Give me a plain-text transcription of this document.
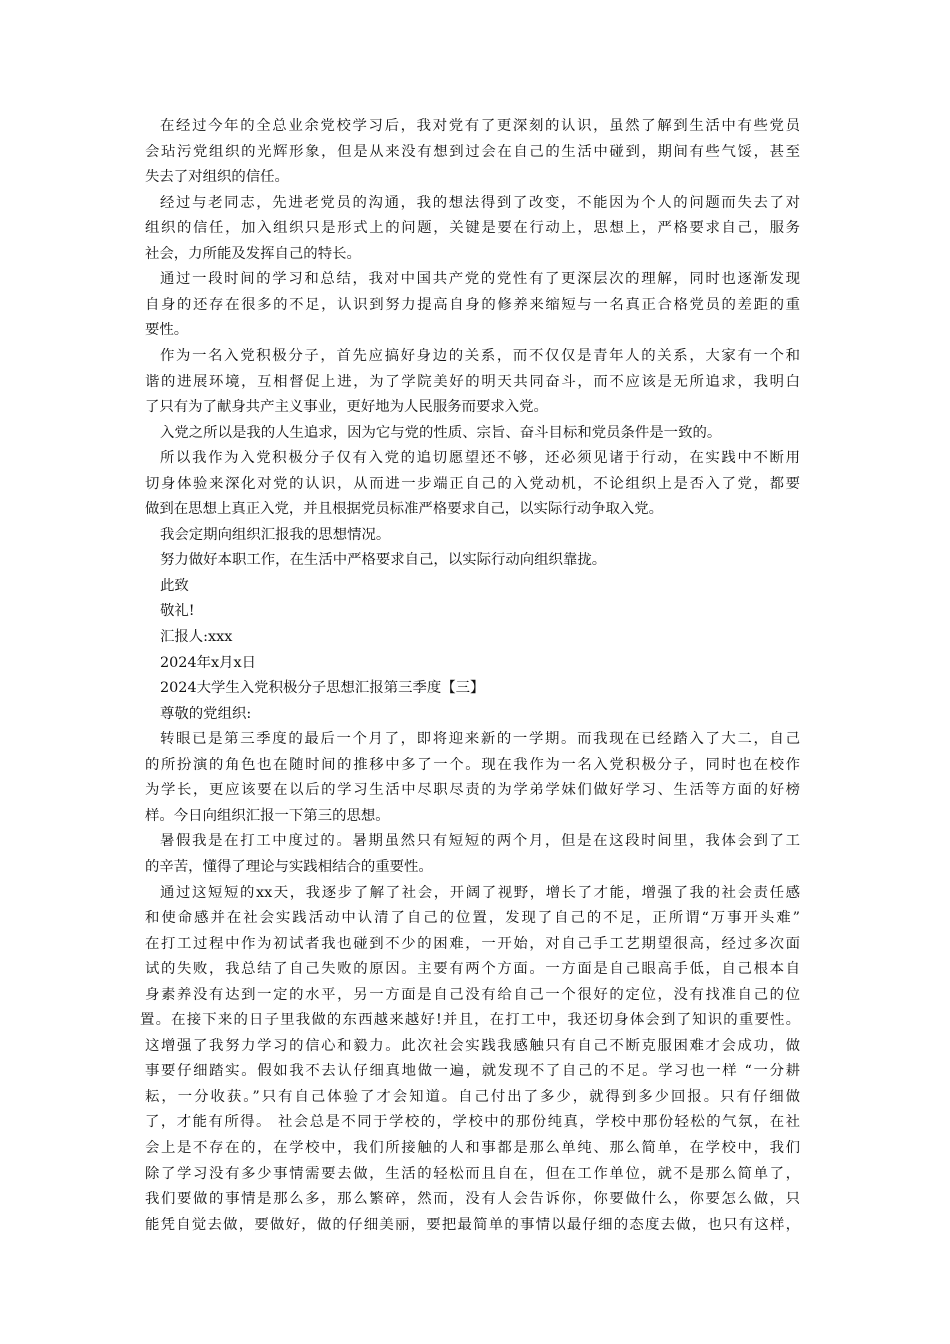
在经过今年的全总业余党校学习后，我对党有了更深刻的认识，虽然了解到生活中有些党员
会玷污党组织的光辉形象，但是从来没有想到过会在自己的生活中碰到，期间有些气馁，甚至
失去了对组织的信任。
经过与老同志，先进老党员的沟通，我的想法得到了改变，不能因为个人的问题而失去了对
组织的信任，加入组织只是形式上的问题，关键是要在行动上，思想上，严格要求自己，服务
社会，力所能及发挥自己的特长。
通过一段时间的学习和总结，我对中国共产党的党性有了更深层次的理解，同时也逐渐发现
自身的还存在很多的不足，认识到努力提高自身的修养来缩短与一名真正合格党员的差距的重
要性。
作为一名入党积极分子，首先应搞好身边的关系，而不仅仅是青年人的关系，大家有一个和
谐的进展环境，互相督促上进，为了学院美好的明天共同奋斗，而不应该是无所追求，我明白
了只有为了献身共产主义事业，更好地为人民服务而要求入党。
入党之所以是我的人生追求，因为它与党的性质、宗旨、奋斗目标和党员条件是一致的。
所以我作为入党积极分子仅有入党的追切愿望还不够，还必须见诸于行动，在实践中不断用
切身体验来深化对党的认识，从而进一步端正自己的入党动机，不论组织上是否入了党，都要
做到在思想上真正入党，并且根据党员标准严格要求自己，以实际行动争取入党。
我会定期向组织汇报我的思想情况。
努力做好本职工作，在生活中严格要求自己，以实际行动向组织靠拢。
此致
敬礼!
汇报人:xxx
2024年x月x日
2024大学生入党积极分子思想汇报第三季度【三】
尊敬的党组织:
转眼已是第三季度的最后一个月了，即将迎来新的一学期。而我现在已经踏入了大二，自己
的所扮演的角色也在随时间的推移中多了一个。现在我作为一名入党积极分子，同时也在校作
为学长，更应该要在以后的学习生活中尽职尽责的为学弟学妹们做好学习、生活等方面的好榜
样。今日向组织汇报一下第三的思想。
暑假我是在打工中度过的。暑期虽然只有短短的两个月，但是在这段时间里，我体会到了工
的辛苦，懂得了理论与实践相结合的重要性。
通过这短短的xx天，我逐步了解了社会，开阔了视野，增长了才能，增强了我的社会责任感
和使命感并在社会实践活动中认清了自己的位置，发现了自己的不足，正所谓“万事开头难”
在打工过程中作为初试者我也碰到不少的困难，一开始，对自己手工艺期望很高，经过多次面
试的失败，我总结了自己失败的原因。主要有两个方面。一方面是自己眼高手低，自己根本自
身素养没有达到一定的水平，另一方面是自己没有给自己一个很好的定位，没有找准自己的位
置。在接下来的日子里我做的东西越来越好!并且，在打工中，我还切身体会到了知识的重要性。
这增强了我努力学习的信心和毅力。此次社会实践我感触只有自己不断克服困难才会成功，做
事要仔细踏实。假如我不去认仔细真地做一遍，就发现不了自己的不足。学习也一样 “一分耕
耘，一分收获。”只有自己体验了才会知道。自己付出了多少，就得到多少回报。只有仔细做
了，才能有所得。 社会总是不同于学校的，学校中的那份纯真，学校中那份轻松的气氛，在社
会上是不存在的，在学校中，我们所接触的人和事都是那么单纯、那么简单，在学校中，我们
除了学习没有多少事情需要去做，生活的轻松而且自在，但在工作单位，就不是那么简单了，
我们要做的事情是那么多，那么繁碎，然而，没有人会告诉你，你要做什么，你要怎么做，只
能凭自觉去做，要做好，做的仔细美丽，要把最简单的事情以最仔细的态度去做，也只有这样，
